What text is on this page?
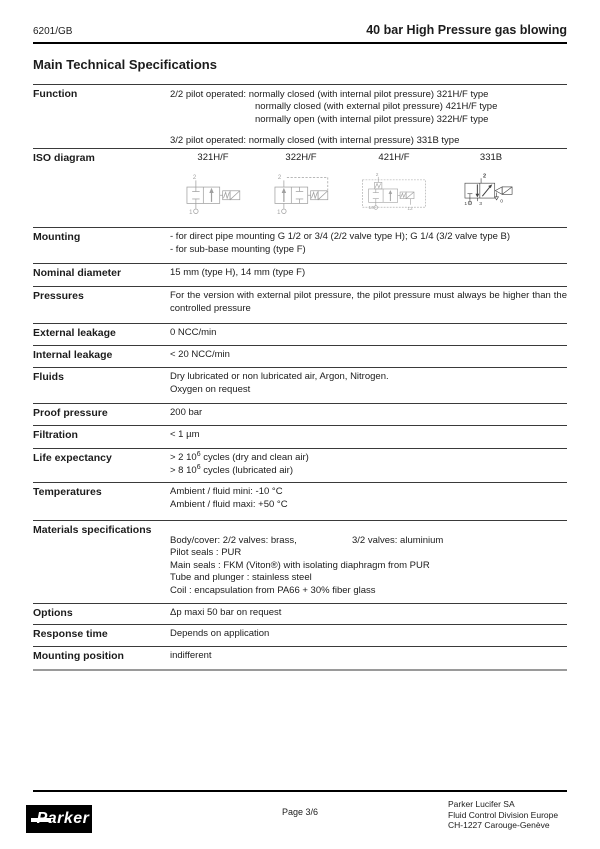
6201/GB	40 bar High Pressure gas blowing
Main Technical Specifications
Function	2/2 pilot operated: normally closed (with internal pilot pressure) 321H/F type
normally closed (with external pilot pressure) 421H/F type
normally open (with internal pilot pressure) 322H/F type
3/2 pilot operated: normally closed (with internal pressure) 331B type
ISO diagram	321H/F
2
1
322H/F
2
1
421H/F
2
10	12
331B
2
1 3 0
Mounting	- for direct pipe mounting G 1/2 or 3/4 (2/2 valve type H); G 1/4 (3/2 valve type B)
- for sub-base mounting (type F)
Nominal diameter	15 mm (type H), 14 mm (type F)
Pressures	For the version with external pilot pressure, the pilot pressure must always be higher than the controlled pressure
External leakage	0 NCC/min
Internal leakage	< 20 NCC/min
Fluids	Dry lubricated or non lubricated air, Argon, Nitrogen.
Oxygen on request
Proof pressure	200 bar
Filtration	< 1 µm
Life expectancy	> 2 $10^6$ cycles (dry and clean air)
> 8 $10^6$ cycles (lubricated air)
Temperatures	Ambient / fluid mini: -10 °C
Ambient / fluid maxi: +50 °C
Materials specifications
Body/cover: 2/2 valves: brass,	3/2 valves: aluminium
Pilot seals : PUR
Main seals : FKM (Viton®) with isolating diaphragm from PUR
Tube and plunger : stainless steel
Coil : encapsulation from PA66 + 30% fiber glass
Options	Δp maxi 50 bar on request
Response time	Depends on application
Mounting position	indifferent
Parker	Page 3/6
Parker Lucifer SA
Fluid Control Division Europe
CH-1227 Carouge-Genève
